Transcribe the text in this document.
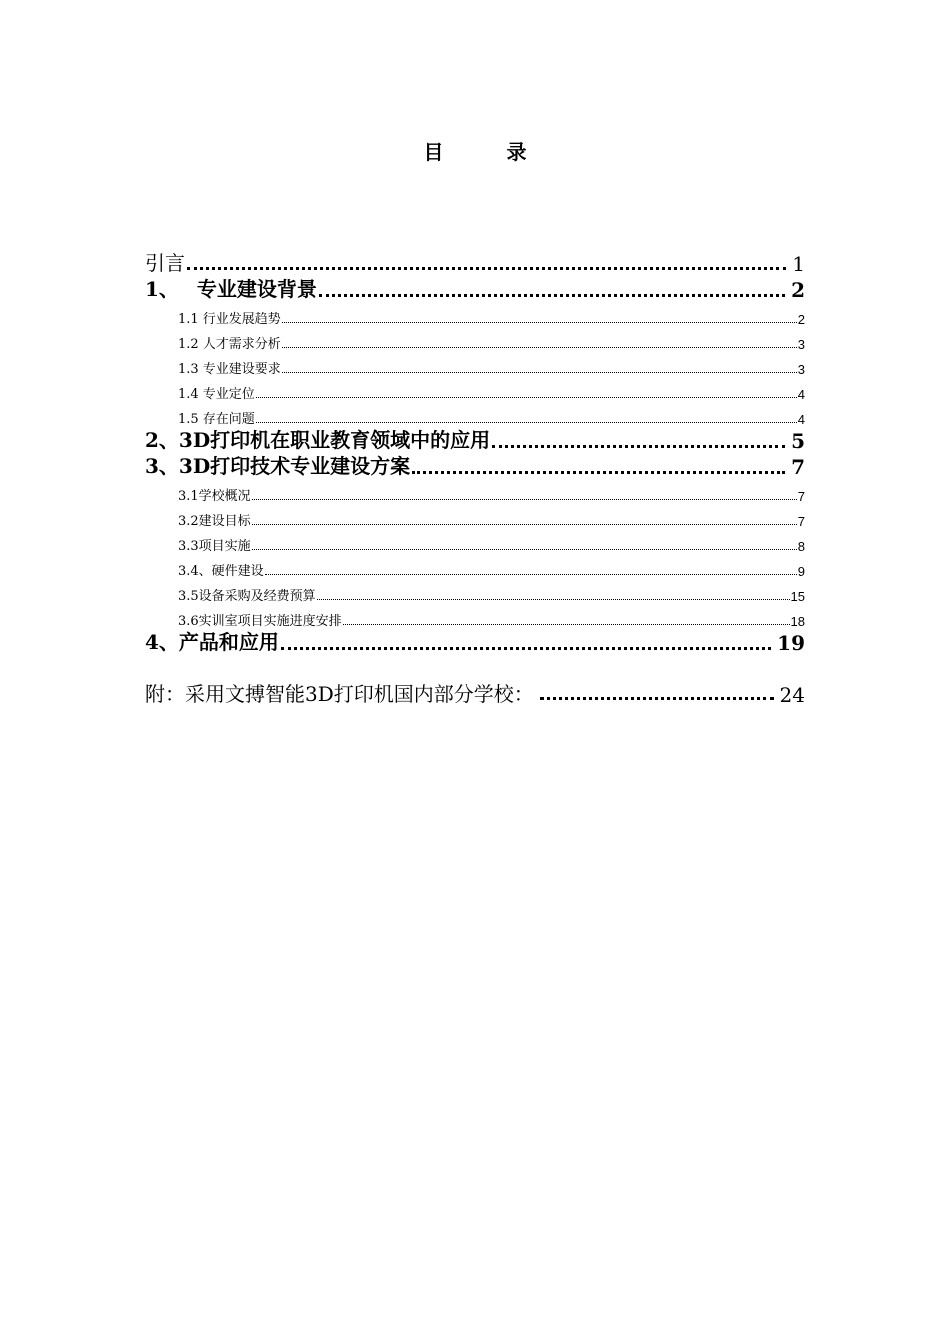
目 录
引言	1
1、 专业建设背景	2
1.1 行业发展趋势	2
1.2 人才需求分析	3
1.3 专业建设要求	3
1.4 专业定位	4
1.5 存在问题	4
2、3D打印机在职业教育领域中的应用	5
3、3D打印技术专业建设方案	7
3.1学校概况	7
3.2建设目标	7
3.3项目实施	8
3.4、硬件建设	9
3.5设备采购及经费预算	15
3.6实训室项目实施进度安排	18
4、产品和应用	19
附：采用文搏智能3D打印机国内部分学校：	24
